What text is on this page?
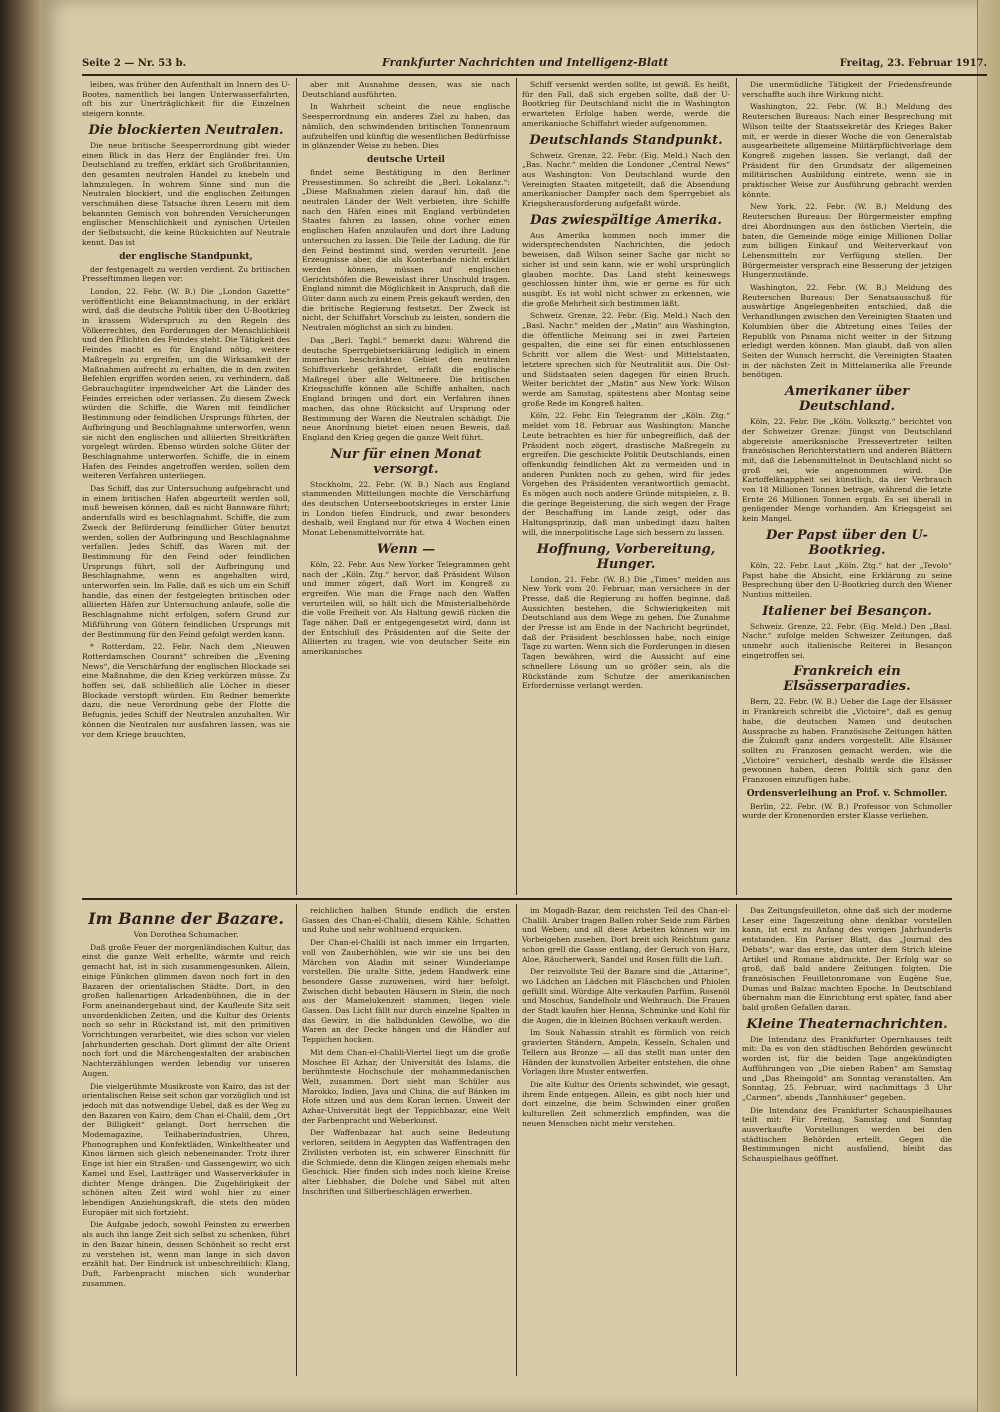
Seite 2 — Nr. 53 b.	Frankfurter Nachrichten und Intelligenz-Blatt	Freitag, 23. Februar 1917.

leiben, was früher den Aufenthalt im Innern des U-Bootes, namentlich bei langen Unterwasserfahrten, oft bis zur Unerträglichkeit für die Einzelnen steigern konnte.

Die blockierten Neutralen.

Die neue britische Seesperrordnung gibt wieder einen Blick in das Herz der Engländer frei. Um Deutschland zu treffen, erklärt sich Großbritannien, den gesamten neutralen Handel zu knebeln und lahmzulegen. In wohrem Sinne sind nun die Neutralen blockiert, und die englischen Zeitungen verschmähen diese Tatsache ihren Lesern mit dem bekannten Gemisch von bohrenden Versicherungen englischer Menschlichkeit und zynischen Urteilen der Selbstsucht, die keine Rücksichten auf Neutrale kennt. Das ist

der englische Standpunkt,

der festgenagelt zu werden verdient. Zu britischen Presseftimmen liegen vor:

London, 22. Febr. (W. B.) Die „London Gazette“ veröffentlicht eine Bekanntmachung, in der erklärt wird, daß die deutsche Politik über den U-Bootkrieg in krassem Widerspruch zu den Regeln des Völkerrechtes, den Forderungen der Menschlichkeit und den Pflichten des Feindes steht. Die Tätigkeit des Feindes macht es für England nötig, weitere Maßregeln zu ergreifen, um die Wirksamkeit der Maßnahmen aufrecht zu erhalten, die in den zwiten Befehlen ergriffen worden seien, zu verhindern, daß Gebrauchsgüter irgendwelcher Art die Länder des Feindes erreichen oder verlassen. Zu diesem Zweck würden die Schiffe, die Waren mit feindlicher Bestimmung oder feindlichen Ursprungs führten, der Aufbringung und Beschlagnahme unterworfen, wenn sie nicht den englischen und alliierten Streitkräften vorgelegt würden. Ebenso würden solche Güter der Beschlagnahme unterworfen. Schiffe, die in einem Hafen des Feindes angetroffen werden, sollen dem weiteren Verfahren unterliegen.

Das Schiff, das zur Untersuchung aufgebracht und in einem britischen Hafen abgeurteilt werden soll, muß beweisen können, daß es nicht Bannware führt; andernfalls wird es beschlagnahmt. Schiffe, die zum Zweck der Beförderung feindlicher Güter benutzt werden, sollen der Aufbringung und Beschlagnahme verfallen. Jedes Schiff, das Waren mit der Bestimmung für den Feind oder feindlichen Ursprungs führt, soll der Aufbringung und Beschlagnahme, wenn es angehalten wird, unterworfen sein. Im Falle, daß es sich um ein Schiff handle, das einen der festgelegten britischen oder alliierten Häfen zur Untersuchung anlaufe, solle die Beschlagnahme nicht erfolgen, sofern Grund zur Mißführung von Gütern feindlichen Ursprungs mit der Bestimmung für den Feind gefolgt werden kann.

* Rotterdam, 22. Febr. Nach dem „Nieuwen Rotterdamschen Courant“ schreiben die „Evening News“, die Verschärfung der englischen Blockade sei eine Maßnahme, die den Krieg verkürzen müsse. Zu hoffen sei, daß schließlich alle Löcher in dieser Blockade verstopft würden. Ein Redner bemerkte dazu, die neue Verordnung gebe der Flotte die Befugnis, jedes Schiff der Neutralen anzuhalten. Wir können die Neutralen nur ausfahren lassen, was sie vor dem Kriege brauchten,

aber mit Ausnahme dessen, was sie nach Deutschland ausführten.

In Wahrheit scheint die neue englische Seesperrordnung ein anderes Ziel zu haben, das nämlich, den schwindenden britischen Tonnenraum aufzuhelfen und künftig die wesentlichen Bedürfnisse in glänzender Weise zu heben. Dies

deutsche Urteil

findet seine Bestätigung in den Berliner Pressestimmen. So schreibt die „Berl. Lokalanz.“: „Diese Maßnahmen zielen darauf hin, daß die neutralen Länder der Welt verbieten, ihre Schiffe nach den Häfen eines mit England verbündeten Staates fahren zu lassen, ohne vorher einen englischen Hafen anzulaufen und dort ihre Ladung untersuchen zu lassen. Die Teile der Ladung, die für den Feind bestimmt sind, werden verurteilt. Jene Erzeugnisse aber, die als Konterbande nicht erklärt werden können, müssen auf englischen Gerichtshöfen die Beweislast ihrer Unschuld tragen. England nimmt die Möglichkeit in Anspruch, daß die Güter dann auch zu einem Preis gekauft werden, den die britische Regierung festsetzt. Der Zweck ist nicht, der Schiffahrt Vorschub zu leisten, sondern die Neutralen möglichst an sich zu binden.

Das „Berl. Tagbl.“ bemerkt dazu: Während die deutsche Sperrgebietserklärung lediglich in einem immerhin beschränkten Gebiet den neutralen Schiffsverkehr gefährdet, erfaßt die englische Maßregel über alle Weltmeere. Die britischen Kriegsschiffe können alle Schiffe anhalten, nach England bringen und dort ein Verfahren ihnen machen, das ohne Rücksicht auf Ursprung oder Bestimmung der Waren die Neutralen schädigt. Die neue Anordnung bietet einen neuen Beweis, daß England den Krieg gegen die ganze Welt führt.

Nur für einen Monat versorgt.

Stockholm, 22. Febr. (W. B.) Nach aus England stammenden Mitteilungen mochte die Verschärfung des deutschen Unterseebootskrieges in erster Linie in London tiefen Eindruck, und zwar besonders deshalb, weil England nur für etwa 4 Wochen einen Monat Lebensmittelvorräte hat.

Wenn —

Köln, 22. Febr. Aus New Yorker Telegrammen geht nach der „Köln. Ztg.“ hervor, daß Präsident Wilson und immer zögert, daß Wort im Kongreß zu ergreifen. Wie man die Frage nach den Waffen verurteilen will, so hält sich die Ministerialbehörde die volle Freiheit vor. Als Haltung gewiß rücken die Tage näher. Daß er entgegengesetzt wird, dann ist der Entschluß des Präsidenten auf die Seite der Alliierten zu tragen, wie von deutscher Seite ein amerikanisches

Schiff versenkt werden sollte, ist gewiß. Es heißt, für den Fall, daß sich ergeben sollte, daß der U-Bootkrieg für Deutschland nicht die in Washington erwarteten Erfolge haben werde, werde die amerikanische Schiffahrt wieder aufgenommen.

Deutschlands Standpunkt.

Schweiz. Grenze, 22. Febr. (Eig. Meld.) Nach den „Bas. Nachr.“ melden die Londoner „Central News“ aus Washington: Von Deutschland wurde den Vereinigten Staaten mitgeteilt, daß die Absendung amerikanischer Dampfer nach dem Sperrgebiet als Kriegsherausforderung aufgefaßt würde.

Das zwiespältige Amerika.

Aus Amerika kommen noch immer die widersprechendsten Nachrichten, die jedoch beweisen, daß Wilson seiner Sache gar nicht so sicher ist und sein kann, wie er wohl ursprünglich glauben mochte. Das Land steht keineswegs geschlossen hinter ihm, wie er gerne es für sich ausgibt. Es ist wohl nicht schwer zu erkennen, wie die große Mehrheit sich bestimmen läßt.

Schweiz. Grenze, 22. Febr. (Eig. Meld.) Nach den „Basl. Nachr.“ melden der „Matin“ aus Washington, die öffentliche Meinung sei in zwei Parteien gespalten, die eine sei für einen entschlossenen Schritt vor allem die West- und Mittelstaaten, letztere sprechen sich für Neutralität aus. Die Ost- und Südstaaten seien dagegen für einen Bruch. Weiter berichtet der „Matin“ aus New York: Wilson werde am Samstag, spätestens aber Montag seine große Rede im Kongreß halten.

Köln, 22. Febr. Ein Telegramm der „Köln. Ztg.“ meldet vom 18. Februar aus Washington: Manche Leute betrachten es hier für unbegreiflich, daß der Präsident noch zögert, drastische Maßregeln zu ergreifen. Die geschickte Politik Deutschlands, einen offenkundig feindlichen Akt zu vermeiden und in anderen Punkten noch zu gehen, wird für jedes Vorgehen des Präsidenten verantwortlich gemacht. Es mögen auch noch andere Gründe mitspielen, z. B. die geringe Begeisterung, die sich wegen der Frage der Beschaffung im Lande zeigt, oder das Haltungsprinzip, daß man unbedingt dazu halten will, die innerpolitische Lage sich bessern zu lassen.

Hoffnung, Vorbereitung, Hunger.

London, 21. Febr. (W. B.) Die „Times“ melden aus New York vom 20. Februar, man versichere in der Presse, daß die Regierung zu hoffen beginne, daß Aussichten bestehen, die Schwierigkeiten mit Deutschland aus dem Wege zu gehen. Die Zunahme der Presse ist am Ende in der Nachricht begründet, daß der Präsident beschlossen habe, noch einige Tage zu warten. Wenn sich die Forderungen in diesen Tagen bewähren, wird die Aussicht auf eine schnellere Lösung um so größer sein, als die Rückstände zum Schutze der amerikanischen Erfordernisse verlangt werden.

Die unermüdliche Tätigkeit der Friedensfreunde verschaffte auch ihre Wirkung nicht.

Washington, 22. Febr. (W. B.) Meldung des Reuterschen Bureaus: Nach einer Besprechung mit Wilson teilte der Staatssekretär des Krieges Baker mit, er werde in dieser Woche die von Generalstab ausgearbeitete allgemeine Militärpflichtvorlage dem Kongreß zugehen lassen. Sie verlangt, daß der Präsident für den Grundsatz der allgemeinen militärischen Ausbildung eintrete, wenn sie in praktischer Weise zur Ausführung gebracht werden könnte.

New York, 22. Febr. (W. B.) Meldung des Reuterschen Bureaus: Der Bürgermeister empfing drei Abordnungen aus den östlichen Vierteln, die baten, die Gemeinde möge einige Millionen Dollar zum billigen Einkauf und Weiterverkauf von Lebensmitteln zur Verfügung stellen. Der Bürgermeister versprach eine Besserung der jetzigen Hungerzustände.

Washington, 22. Febr. (W. B.) Meldung des Reuterschen Bureaus: Der Senatsausschuß für auswärtige Angelegenheiten entschied, daß die Verhandlungen zwischen den Vereinigten Staaten und Kolumbien über die Abtretung eines Teiles der Republik von Panama nicht weiter in der Sitzung erledigt werden können. Man glaubt, daß von allen Seiten der Wunsch herrscht, die Vereinigten Staaten in der nächsten Zeit in Mittelamerika alle Freunde benötigen.

Amerikaner über Deutschland.

Köln, 22. Febr. Die „Köln. Volksztg.“ berichtet von der Schweizer Grenze: Jüngst von Deutschland abgereiste amerikanische Pressevertreter teilten französischen Berichterstattern und anderen Blättern mit, daß die Lebensmittelnot in Deutschland nicht so groß sei, wie angenommen wird. Die Kartoffelknappheit sei künstlich, da der Verbrauch von 18 Millionen Tonnen betrage, während die letzte Ernte 26 Millionen Tonnen ergab. Es sei überall in genügender Menge vorhanden. Am Kriegsgeist sei kein Mangel.

Der Papst über den U-Bootkrieg.

Köln, 22. Febr. Laut „Köln. Ztg.“ hat der „Tevolo“ Papst habe die Absicht, eine Erklärung zu seine Besprechung über den U-Bootkrieg durch den Wiener Nuntius mitteilen.

Italiener bei Besançon.

Schweiz. Grenze, 22. Febr. (Eig. Meld.) Den „Basl. Nachr.“ zufolge melden Schweizer Zeitungen, daß unmehr auch italienische Reiterei in Besançon eingetroffen sei.

Frankreich ein Elsässerparadies.

Bern, 22. Febr. (W. B.) Ueber die Lage der Elsässer in Frankreich schreibt die „Victoire“, daß es genug habe, die deutschen Namen und deutschen Aussprache zu haben. Französische Zeitungen hätten die Zukunft ganz anders vorgestellt. Alle Elsässer sollten zu Franzosen gemacht werden, wie die „Victoire“ versichert, deshalb werde die Elsässer gewonnen haben, deren Politik sich ganz den Franzosen einzufügen habe.

Ordensverleihung an Prof. v. Schmoller.

Berlin, 22. Febr. (W. B.) Professor von Schmoller wurde der Kronenorden erster Klasse verliehen.

Im Banne der Bazare.
Von Dorothea Schumacher.

Daß große Feuer der morgenländischen Kultur, das einst die ganze Welt erhellte, wärmte und reich gemacht hat, ist in sich zusammengesunken. Allein, einige Fünkchen glimmen davon noch fort in den Bazaren der orientalischen Städte. Dort, in den großen hallenartigen Arkadenbühnen, die in der Form aneinandergebaut sind, der Kaufleute Sitz seit unvordenklichen Zeiten, und die Kultur des Orients noch so sehr in Rückstand ist, mit den primitiven Vorrichtungen verarbeitet, wie dies schon vor vielen Jahrhunderten geschah. Dort glimmt der alte Orient noch fort und die Märchengestalten der arabischen Nachterzählungen werden lebendig vor unseren Augen.

Die vielgerühmte Musikroste von Kairo, das ist der orientalischen Reise seit schon gar vorzüglich und ist jedoch mit das notwendige Uebel, daß es der Weg zu den Bazaren von Kairo, dem Chan el-Chalil, dem „Ort der Billigkeit“ gelangt. Dort herrschen die Modemagazine, Teilhaberindustrien, Uhren, Phonographen und Konfektläden, Winkeltheater und Kinos lärmen sich gleich nebeneinander. Trotz ihrer Enge ist hier ein Straßen- und Gassengewirr, wo sich Kamel und Esel, Lastträger und Wasserverkäufer in dichter Menge drängen. Die Zugehörigkeit der schönen alten Zeit wird wohl hier zu einer lebendigen Anziehungskraft, die stets den müden Europäer mit sich fortzieht.

Die Aufgabe jedoch, sowohl Feinsten zu erwerben als auch ihn lange Zeit sich selbst zu schenken, führt in den Bazar hinein, dessen Schönheit so recht erst zu verstehen ist, wenn man lange in sich davon erzählt hat. Der Eindruck ist unbeschreiblich: Klang, Duft, Farbenpracht mischen sich wunderbar zusammen.

reichlichen halben Stunde endlich die ersten Gassen des Chan-el-Chalili, diesem Kähle, Schatten und Ruhe und sehr wohltuend erquicken.

Der Chan-el-Chalili ist nach immer ein Irrgarten, voll von Zauberhöhlen, wie wir sie uns bei den Märchen von Aladin mit seiner Wunderlampe vorstellen. Die uralte Sitte, jedem Handwerk eine besondere Gasse zuzuweisen, wird hier befolgt. Zwischen dicht bebauten Häusern in Stein, die noch aus der Mamelukenzeit stammen, liegen viele Gassen. Das Licht fällt nur durch einzelne Spalten in das Gewirr, in die halbdunklen Gewölbe, wo die Waren an der Decke hängen und die Händler auf Teppichen hocken.

Mit dem Chan-el-Chalili-Viertel liegt um die große Moschee El Azhar, der Universität des Islams, die berühmteste Hochschule der mohammedanischen Welt, zusammen. Dort sieht man Schüler aus Marokko, Indien, Java und China, die auf Bänken im Hofe sitzen und aus dem Koran lernen. Unweit der Azhar-Universität liegt der Teppichbazar, eine Welt der Farbenpracht und Weberkunst.

Der Waffenbazar hat auch seine Bedeutung verloren, seitdem in Aegypten das Waffentragen den Zivilisten verboten ist, ein schwerer Einschnitt für die Schmiede, denn die Klingen zeigen ehemals mehr Geschick. Hier finden sich indes noch kleine Kreise alter Liebhaber, die Dolche und Säbel mit alten Inschriften und Silberbeschlägen erwerben.

im Mogadh-Bazar, dem reichsten Teil des Chan-el-Chalili. Araber tragen Ballen roher Seide zum Färben und Weben; und all diese Arbeiten können wir im Vorbeigehen zusehen. Dort breit sich Reichtum ganz schon grell die Gasse entlang, der Geruch von Harz, Aloe, Räucherwerk, Sandel und Rosen füllt die Luft.

Der reizvollste Teil der Bazare sind die „Attarine“, wo Lädchen an Lädchen mit Fläschchen und Phiolen gefüllt sind. Würdige Alte verkaufen Parfüm, Rosenöl und Moschus, Sandelholz und Weihrauch. Die Frauen der Stadt kaufen hier Henna, Schminke und Kohl für die Augen, die in kleinen Büchsen verkauft werden.

Im Souk Nahassin strahlt es förmlich von reich gravierten Ständern, Ampeln, Kesseln, Schalen und Tellern aus Bronze — all das stellt man unter den Händen der kunstvollen Arbeiter entstehen, die ohne Vorlagen ihre Muster entwerfen.

Die alte Kultur des Orients schwindet, wie gesagt, ihrem Ende entgegen. Allein, es gibt noch hier und dort einzelne, die beim Schwinden einer großen kulturellen Zeit schmerzlich empfinden, was die neuen Menschen nicht mehr verstehen.

Das Zeitungsfeuilleton, ohne daß sich der moderne Leser eine Tageszeitung ohne denkbar vorstellen kann, ist erst zu Anfang des vorigen Jahrhunderts entstanden. Ein Pariser Blatt, das „Journal des Débats“, war das erste, das unter dem Strich kleine Artikel und Romane abdruckte. Der Erfolg war so groß, daß bald andere Zeitungen folgten. Die französischen Feuilletonromane von Eugène Sue, Dumas und Balzac machten Epoche. In Deutschland übernahm man die Einrichtung erst später, fand aber bald großen Gefallen daran.

Kleine Theaternachrichten.

Die Intendanz des Frankfurter Opernhauses teilt mit: Da es von den städtischen Behörden gewünscht worden ist, für die beiden Tage angekündigten Aufführungen von „Die sieben Raben“ am Samstag und „Das Rheingold“ am Sonntag veranstalten. Am Sonntag, 25. Februar, wird nachmittags 3 Uhr „Carmen“, abends „Tannhäuser“ gegeben.

Die Intendanz des Frankfurter Schauspielhauses teilt mit: Für Freitag, Samstag und Sonntag ausverkaufte Vorstellungen werden bei den städtischen Behörden erteilt. Gegen die Bestimmungen nicht ausfallend, bleibt das Schauspielhaus geöffnet.
